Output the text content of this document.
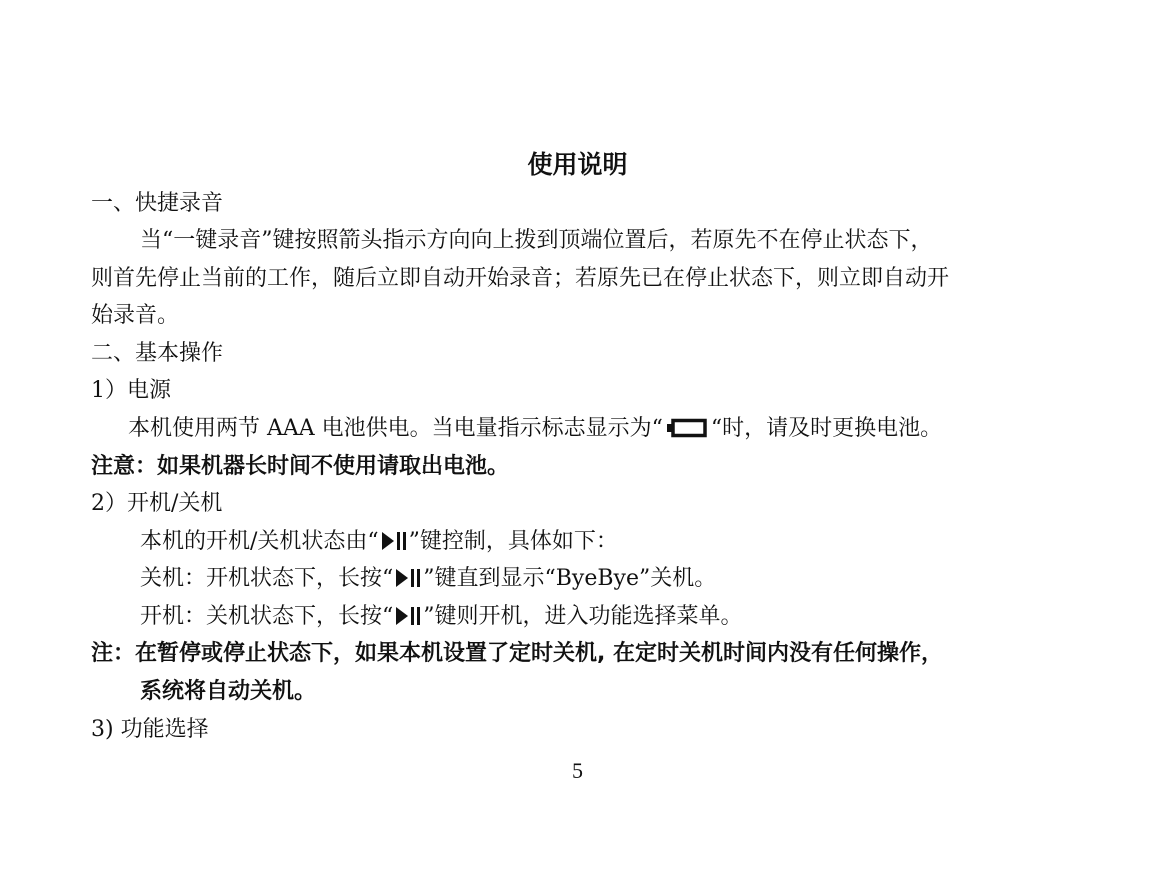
使用说明
一、快捷录音
当“一键录音”键按照箭头指示方向向上拨到顶端位置后，若原先不在停止状态下，
则首先停止当前的工作，随后立即自动开始录音；若原先已在停止状态下，则立即自动开
始录音。
二、基本操作
1）电源
本机使用两节 AAA 电池供电。当电量指示标志显示为“ “时，请及时更换电池。
注意：如果机器长时间不使用请取出电池。
2）开机/关机
本机的开机/关机状态由“ ”键控制，具体如下：
关机：开机状态下，长按“ ”键直到显示“ByeBye”关机。
开机：关机状态下，长按“ ”键则开机，进入功能选择菜单。
注：在暂停或停止状态下，如果本机设置了定时关机, 在定时关机时间内没有任何操作，
系统将自动关机。
3) 功能选择
5
